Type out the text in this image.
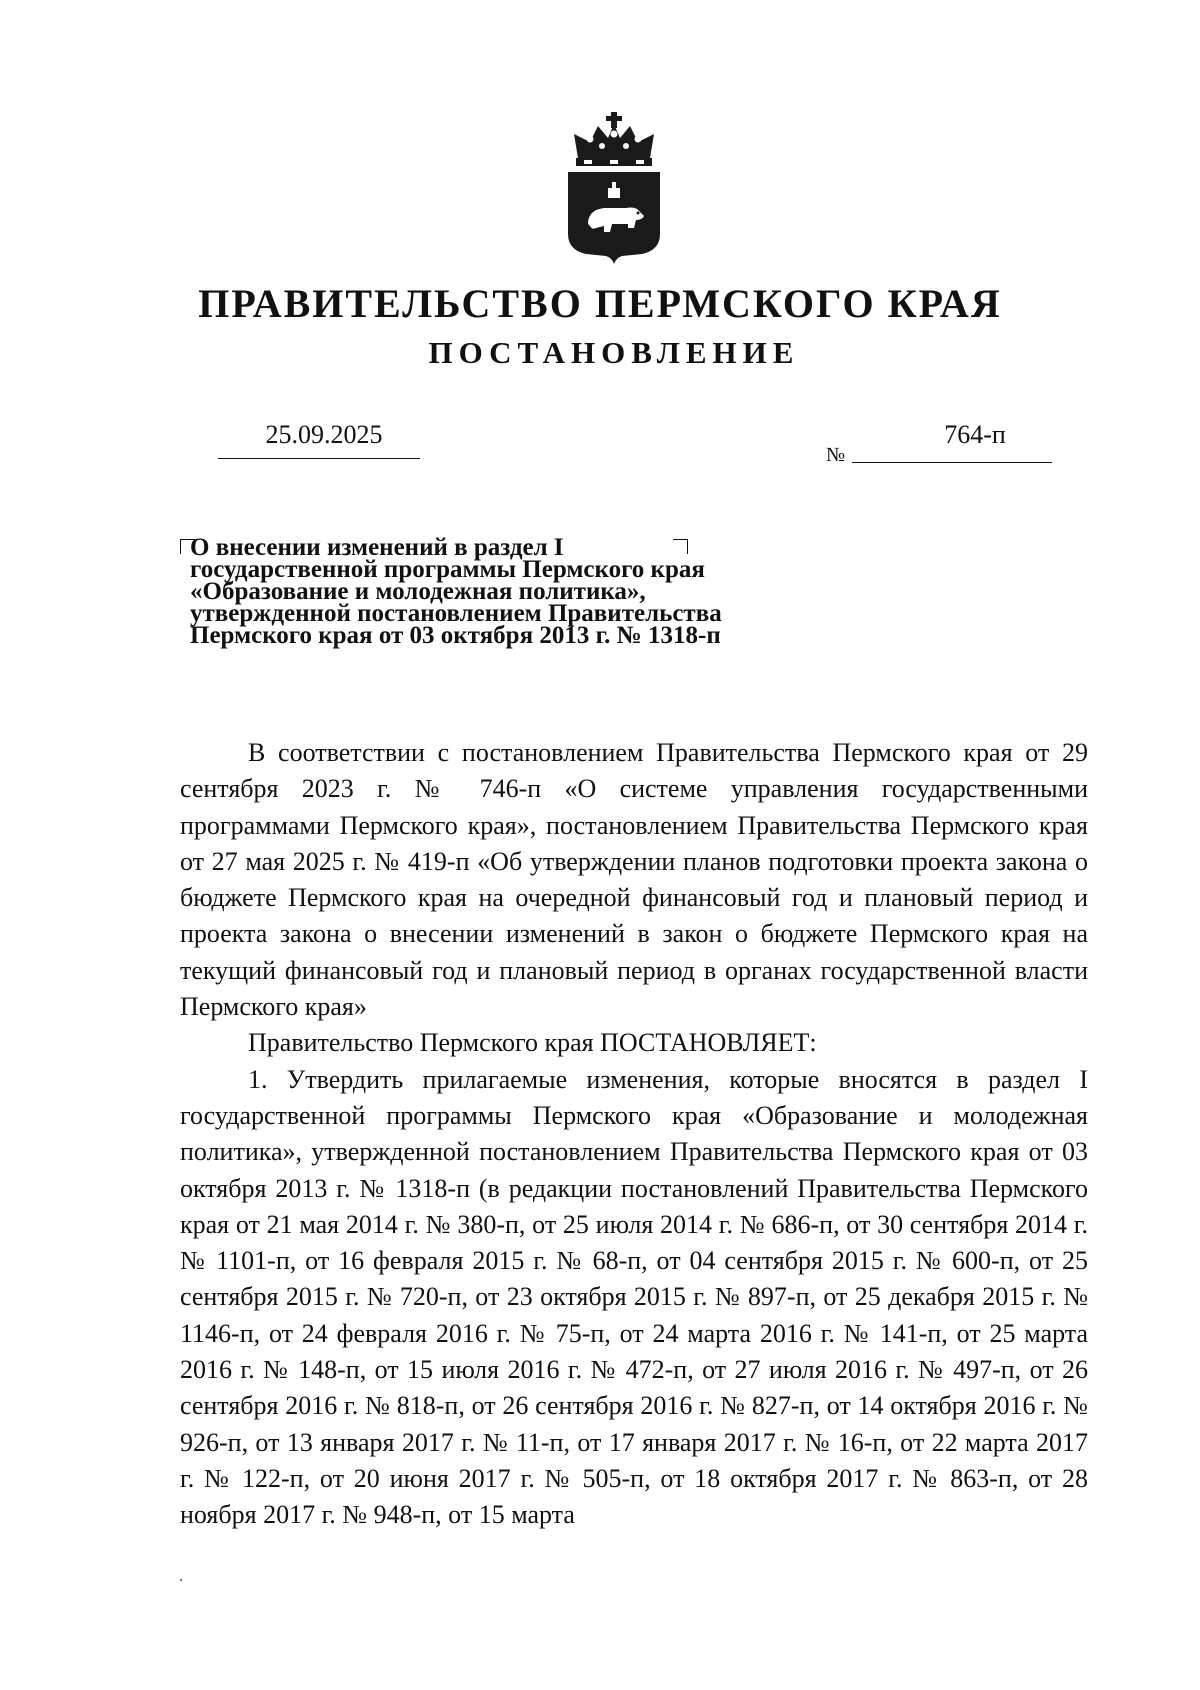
ПРАВИТЕЛЬСТВО ПЕРМСКОГО КРАЯ
ПОСТАНОВЛЕНИЕ
25.09.2025
№
764-п
О внесении изменений в раздел I
государственной программы Пермского края
«Образование и молодежная политика»,
утвержденной постановлением Правительства
Пермского края от 03 октября 2013 г. № 1318-п

В соответствии с постановлением Правительства Пермского края от 29 сентября 2023 г. № 746-п «О системе управления государственными программами Пермского края», постановлением Правительства Пермского края от 27 мая 2025 г. № 419-п «Об утверждении планов подготовки проекта закона о бюджете Пермского края на очередной финансовый год и плановый период и проекта закона о внесении изменений в закон о бюджете Пермского края на текущий финансовый год и плановый период в органах государственной власти Пермского края»

Правительство Пермского края ПОСТАНОВЛЯЕТ:

1. Утвердить прилагаемые изменения, которые вносятся в раздел I государственной программы Пермского края «Образование и молодежная политика», утвержденной постановлением Правительства Пермского края от 03 октября 2013 г. № 1318-п (в редакции постановлений Правительства Пермского края от 21 мая 2014 г. № 380-п, от 25 июля 2014 г. № 686-п, от 30 сентября 2014 г. № 1101-п, от 16 февраля 2015 г. № 68-п, от 04 сентября 2015 г. № 600-п, от 25 сентября 2015 г. № 720-п, от 23 октября 2015 г. № 897-п, от 25 декабря 2015 г. № 1146-п, от 24 февраля 2016 г. № 75-п, от 24 марта 2016 г. № 141-п, от 25 марта 2016 г. № 148-п, от 15 июля 2016 г. № 472-п, от 27 июля 2016 г. № 497-п, от 26 сентября 2016 г. № 818-п, от 26 сентября 2016 г. № 827-п, от 14 октября 2016 г. № 926-п, от 13 января 2017 г. № 11-п, от 17 января 2017 г. № 16-п, от 22 марта 2017 г. № 122-п, от 20 июня 2017 г. № 505-п, от 18 октября 2017 г. № 863-п, от 28 ноября 2017 г. № 948-п, от 15 марта

·
